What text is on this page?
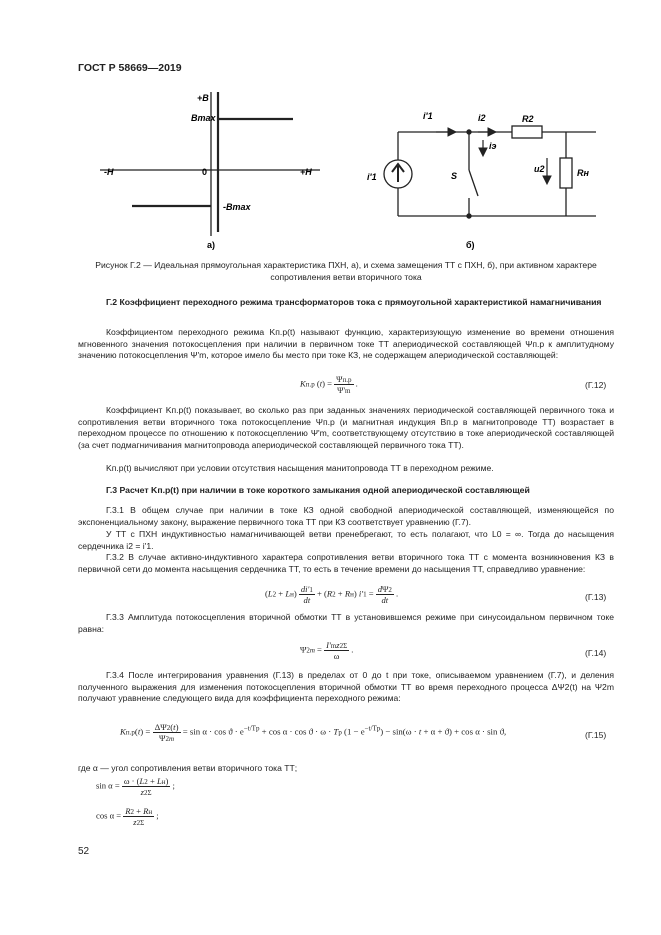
ГОСТ Р 58669—2019
+B
Bmax
-H	0	+H
-Bmax
а)
i'1	i2	R2
iэ
i'1	S
u2	Rн
б)
Рисунок Г.2 — Идеальная прямоугольная характеристика ПХН, а), и схема замещения ТТ с ПХН, б), при активном характере сопротивления ветви вторичного тока
Г.2 Коэффициент переходного режима трансформаторов тока с прямоугольной характеристикой намагничивания
Коэффициентом переходного режима Kп.р(t) называют функцию, характеризующую изменение во времени отношения мгновенного значения потокосцепления при наличии в первичном токе ТТ апериодической составляющей Ψп.р к амплитудному значению потокосцепления Ψ'm, которое имело бы место при токе КЗ, не содержащем апериодической составляющей:
Kп.р $(t) = \frac{\Psi п.р}{\Psi'm}$ .	(Г.12)
Коэффициент Kп.р(t) показывает, во сколько раз при заданных значениях периодической составляющей первичного тока и сопротивления ветви вторичного тока потокосцепление Ψп.р (и магнитная индукция Bп.р в магнитопроводе ТТ) возрастает в переходном процессе по отношению к потокосцеплению Ψ'm, соответствующему отсутствию в токе апериодической составляющей (за счет подмагничивания магнитопровода апериодической составляющей первичного тока ТТ).
Kп.р(t) вычисляют при условии отсутствия насыщения манитопровода ТТ в переходном режиме.
Г.3 Расчет Kп.р(t) при наличии в токе короткого замыкания одной апериодической составляющей
Г.3.1 В общем случае при наличии в токе КЗ одной свободной апериодической составляющей, изменяющейся по экспоненциальному закону, выражение первичного тока ТТ при КЗ соответствует уравнению (Г.7).
У ТТ с ПХН индуктивностью намагничивающей ветви пренебрегают, то есть полагают, что L0 = ∞. Тогда до насыщения сердечника i2 = i'1.
Г.3.2 В случае активно-индуктивного характера сопротивления ветви вторичного тока ТТ с момента возникновения КЗ в первичной сети до момента насыщения сердечника ТТ, то есть в течение времени до насыщения ТТ, справедливо уравнение:
$(L2 + Lн) \frac{di'1}{dt} + (R2 + Rн) i'1 = \frac{d\Psi 2}{dt}$ .	(Г.13)
Г.3.3 Амплитуда потокосцепления вторичной обмотки ТТ в установившемся режиме при синусоидальном первичном токе равна:
$\Psi 2m = \frac{I'mz2\Sigma}{\omega}$ .	(Г.14)
Г.3.4 После интегрирования уравнения (Г.13) в пределах от 0 до t при токе, описываемом уравнением (Г.7), и деления полученного выражения для изменения потокосцепления вторичной обмотки ТТ во время переходного процесса ΔΨ2(t) на Ψ2m получают уравнение следующего вида для коэффициента переходного режима:
$Kп.р(t) = \frac{\Delta\Psi 2(t)}{\Psi 2m} = \sin \alpha \cdot \cos ϑ \cdot e^{-t/Tр} + \cos \alpha \cdot \cos ϑ \cdot \omega$ · Tр $(1 - e^{-t/Tр}) - \sin(\omega \cdot t + \alpha + ϑ) + \cos \alpha \cdot \sin ϑ$,	(Г.15)
где α — угол сопротивления ветви вторичного тока ТТ;
$\sin \alpha = \frac{\omega \cdot (L2 + Lн)}{z2\Sigma}$ ;
$\cos \alpha = \frac{R2 + Rн}{z2\Sigma}$ ;
52
